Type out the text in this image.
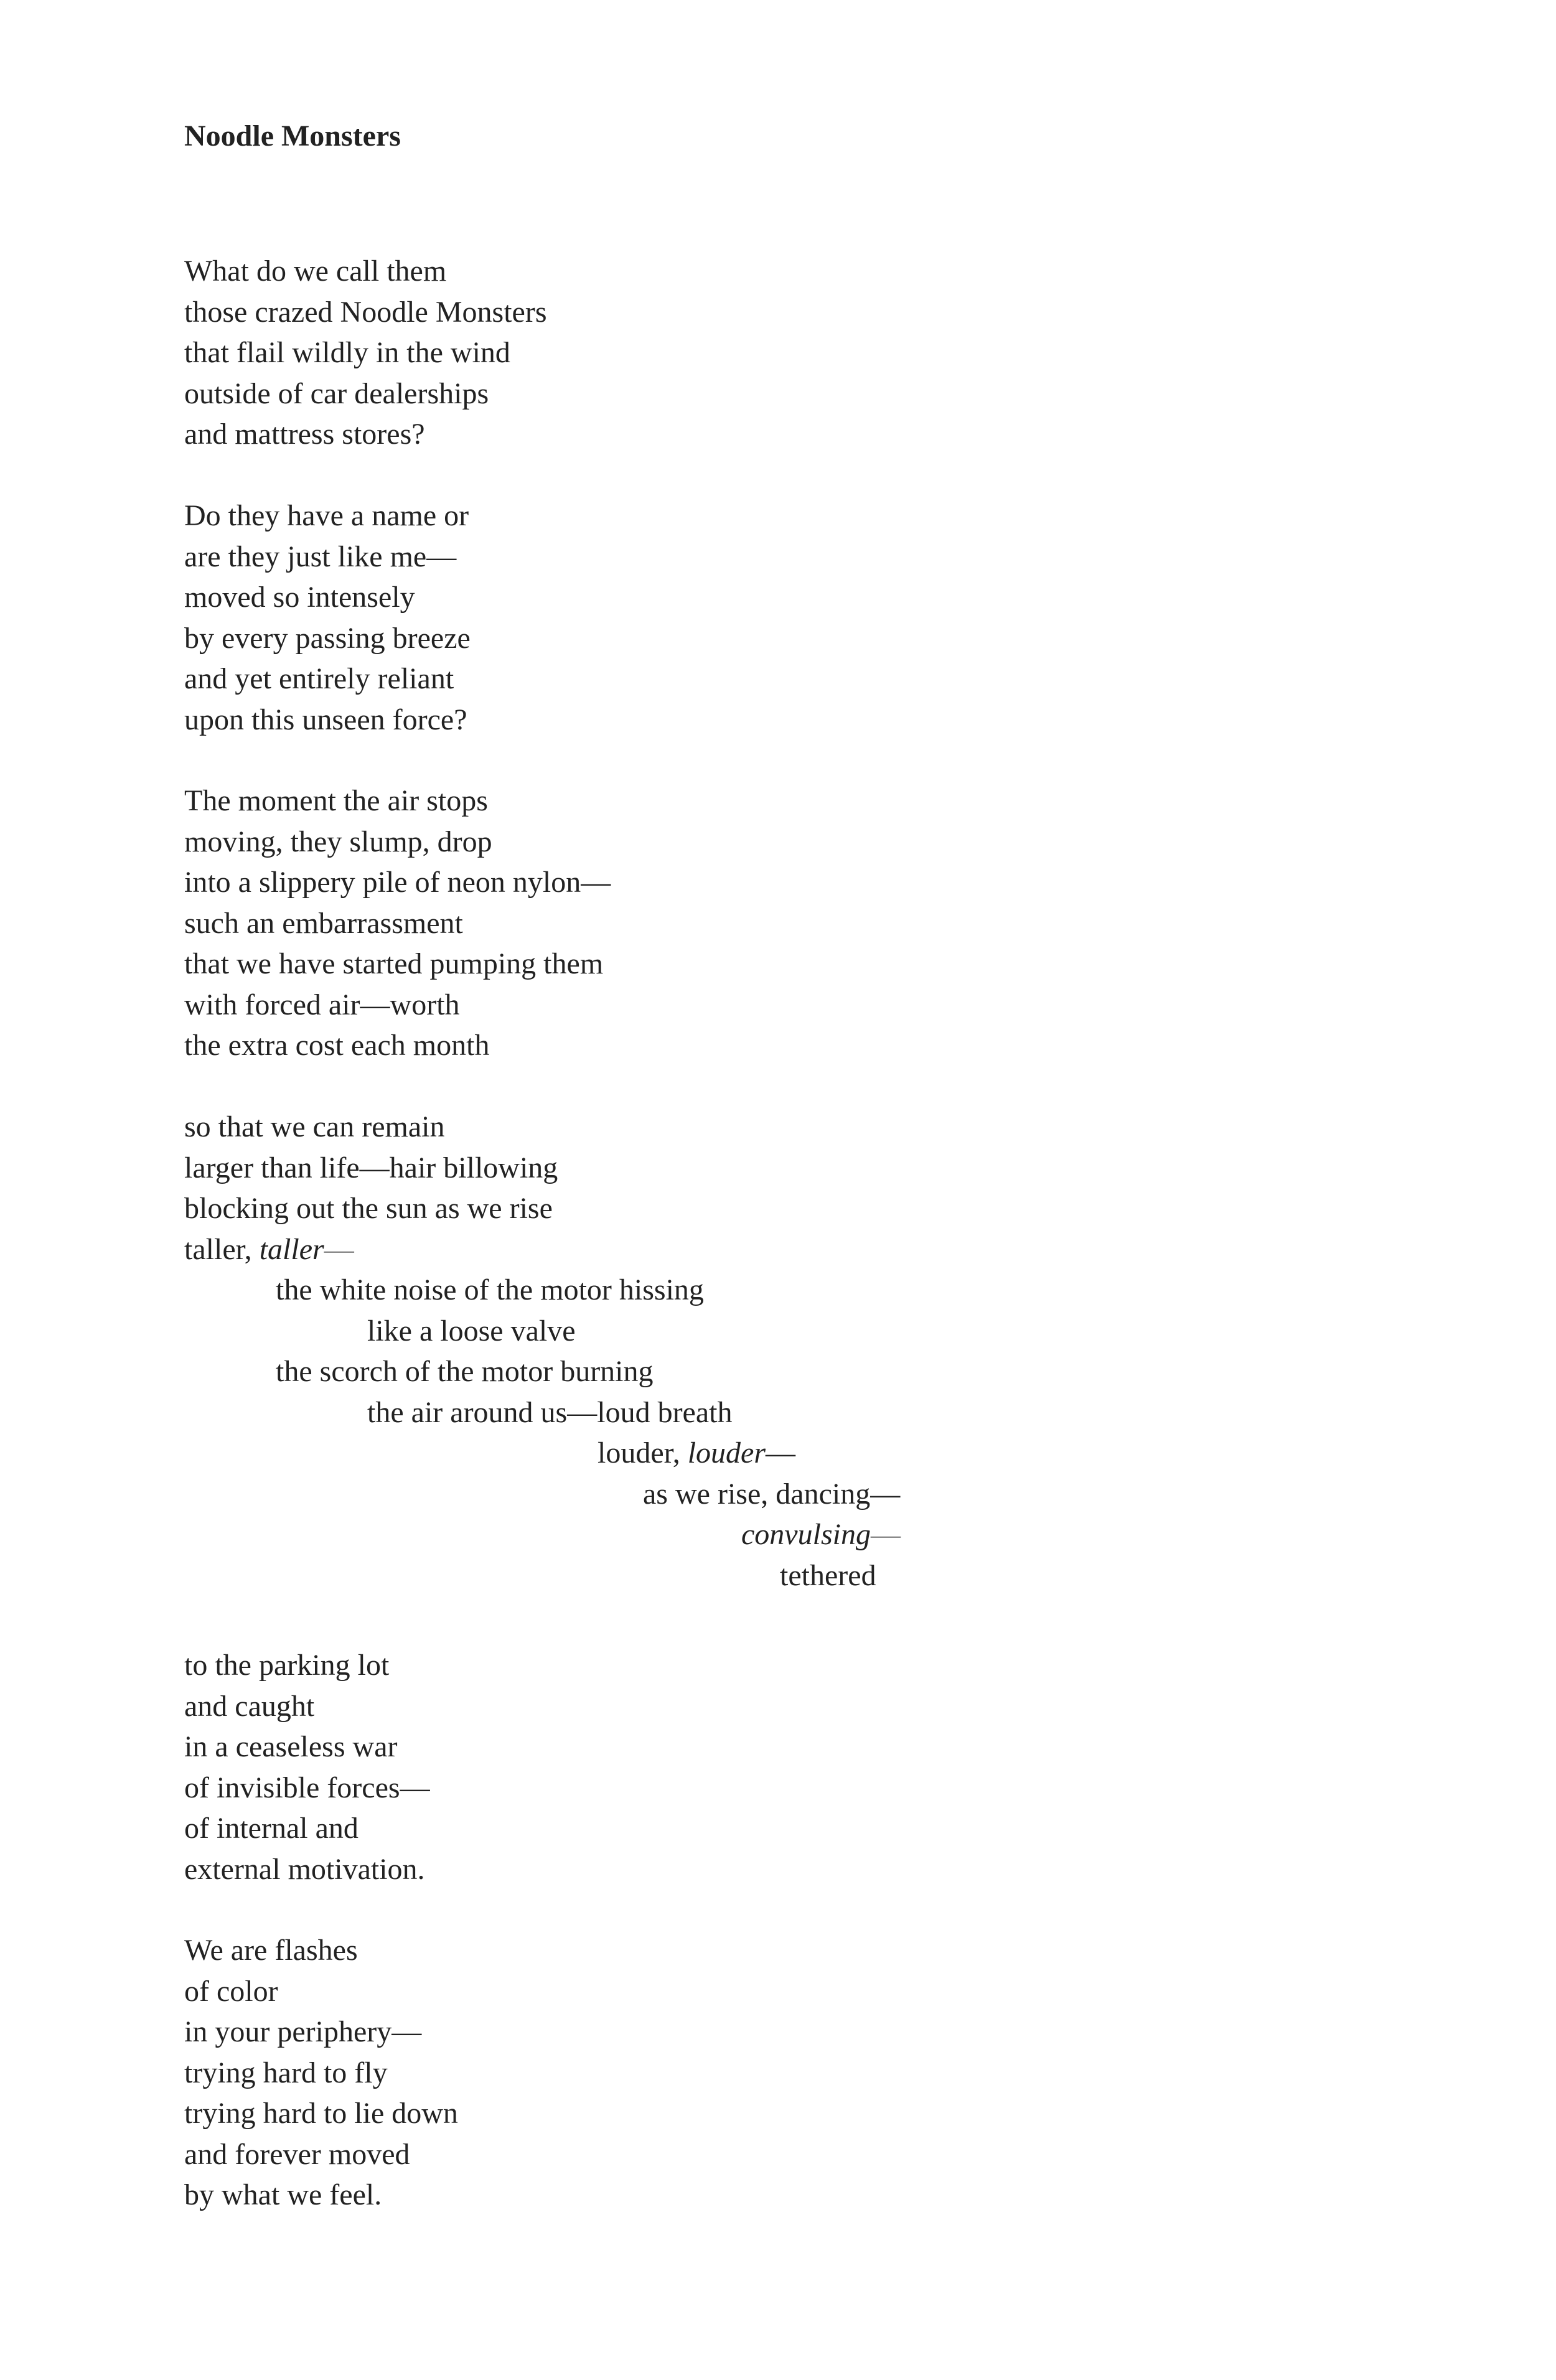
Noodle Monsters
What do we call them
those crazed Noodle Monsters
that flail wildly in the wind
outside of car dealerships
and mattress stores?
Do they have a name or
are they just like me—
moved so intensely
by every passing breeze
and yet entirely reliant
upon this unseen force?
The moment the air stops
moving, they slump, drop
into a slippery pile of neon nylon—
such an embarrassment
that we have started pumping them
with forced air—worth
the extra cost each month
so that we can remain
larger than life—hair billowing
blocking out the sun as we rise
taller, taller—
the white noise of the motor hissing
like a loose valve
the scorch of the motor burning
the air around us—loud breath
louder, louder—
as we rise, dancing—
convulsing—
tethered
to the parking lot
and caught
in a ceaseless war
of invisible forces—
of internal and
external motivation.
We are flashes
of color
in your periphery—
trying hard to fly
trying hard to lie down
and forever moved
by what we feel.
